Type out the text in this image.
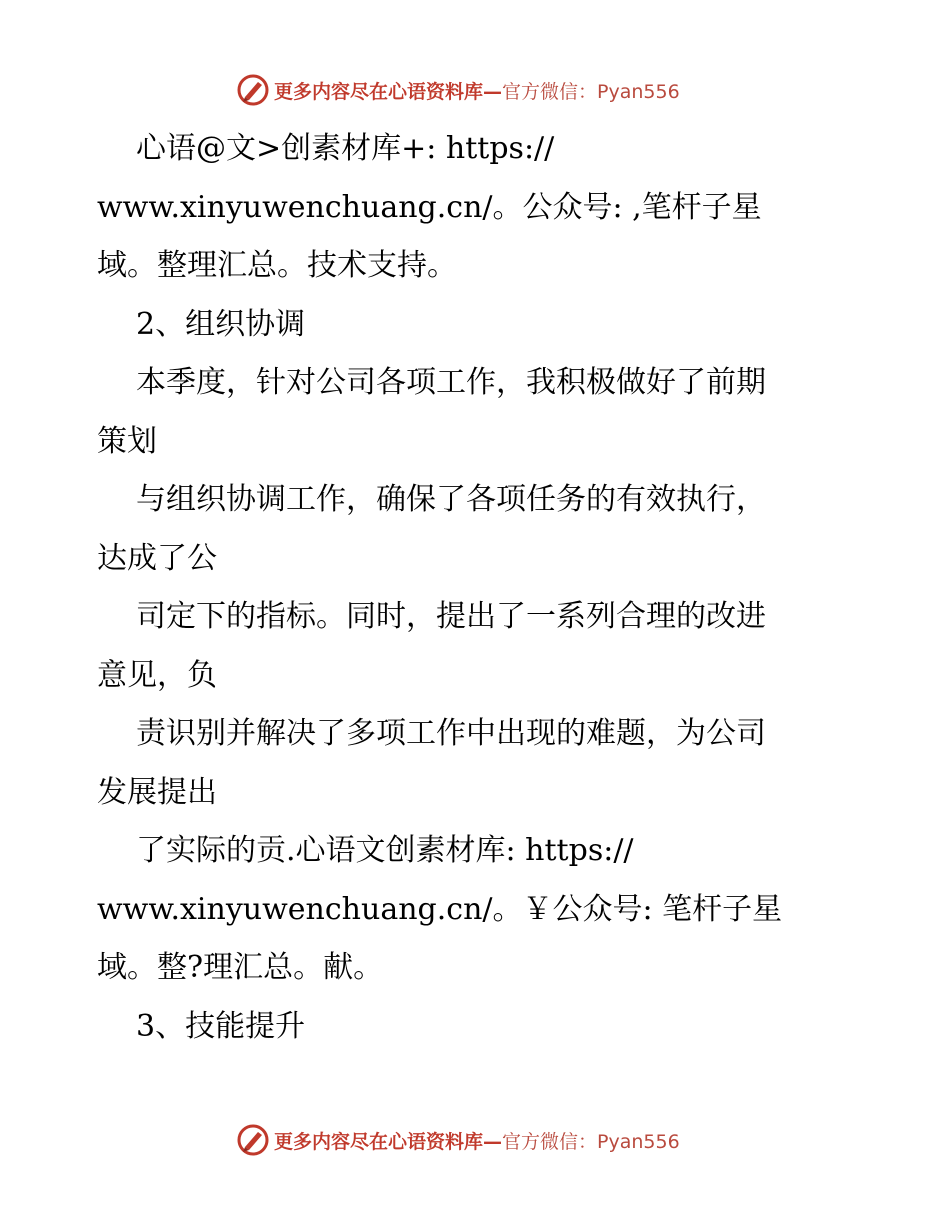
更多内容尽在心语资料库—官方微信：Pyan556
心语@文>创素材库+: https://
www.xinyuwenchuang.cn/。公众号: ,笔杆子星
域。整理汇总。技术支持。
2、组织协调
本季度，针对公司各项工作，我积极做好了前期
策划
与组织协调工作，确保了各项任务的有效执行，
达成了公
司定下的指标。同时，提出了一系列合理的改进
意见，负
责识别并解决了多项工作中出现的难题，为公司
发展提出
了实际的贡.心语文创素材库: https://
www.xinyuwenchuang.cn/。￥公众号: 笔杆子星
域。整?理汇总。献。
3、技能提升
更多内容尽在心语资料库—官方微信：Pyan556
